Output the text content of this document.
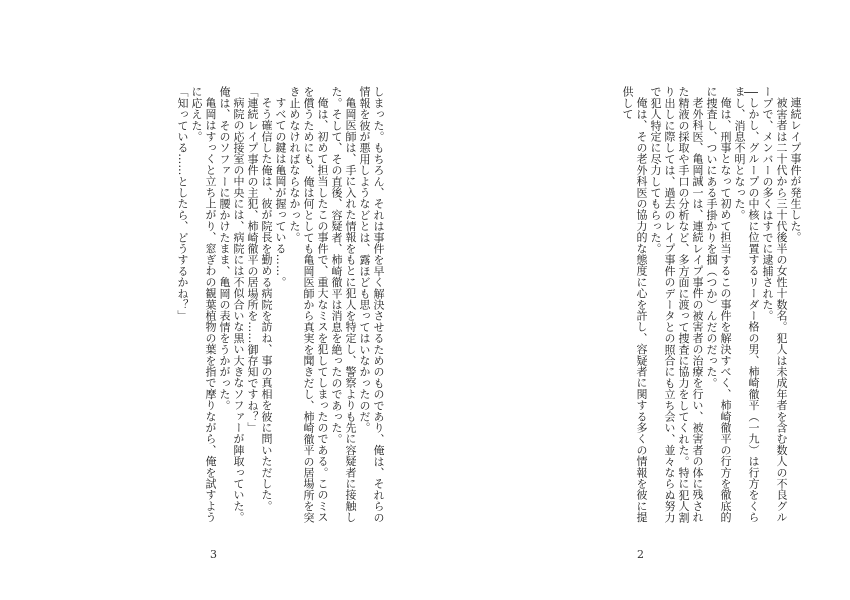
連続レイプ事件が発生した。

被害者は二十代から三十代後半の女性十数名。犯人は未成年者を含む数人の不良グループで、メンバーの多くはすでに逮捕された。

しかし、グループの中核に位置するリーダー格の男、柿崎徹平（一九）は行方をくらまし、消息不明となった。

俺は、刑事となって初めて担当するこの事件を解決すべく、柿崎徹平の行方を徹底的に捜査し、ついにある手掛かりを掴（つか）んだのだった。

老外科医、亀岡誠一は、連続レイプ事件の被害者の治療を行い、被害者の体に残された精液の採取や手口の分析など、多方面に渡って捜査に協力をしてくれた。特に犯人割り出しに際しては、過去のレイプ事件のデータとの照合にも立ち会い、並々ならぬ努力で犯人特定に尽力してもらった。

俺は、その老外科医の協力的な態度に心を許し、容疑者に関する多くの情報を彼に提供して

2

しまった。もちろん、それは事件を早く解決させるためのものであり、俺は、それらの情報を彼が悪用しようなどとは、露ほども思ってはいなかったのだ。

亀岡医師は、手に入れた情報をもとに犯人を特定し、警察よりも先に容疑者に接触した。そして、その直後、容疑者、柿崎徹平は消息を絶ったのであった。

俺は、初めて担当したこの事件で、重大なミスを犯してしまったのである。このミスを償うためにも、俺は何としても亀岡医師から真実を聞きだし、柿崎徹平の居場所を突き止めなければならなかった。

すべての鍵は亀岡が握っている……。

そう確信した俺は、彼が院長を勤める病院を訪ね、事の真相を彼に問いただした。

「連続レイプ事件の主犯、柿崎徹平の居場所を……御存知ですね？」

病院の応接室の中央には、病院には不似合いな黒い大きなソファーが陣取っていた。俺は、そのソファーに腰かけたまま、亀岡の表情をうかがった。

亀岡はすっくと立ち上がり、窓ぎわの観葉植物の葉を指で摩りながら、俺を試すように応えた。

「知っている……としたら、どうするかね？」

3
